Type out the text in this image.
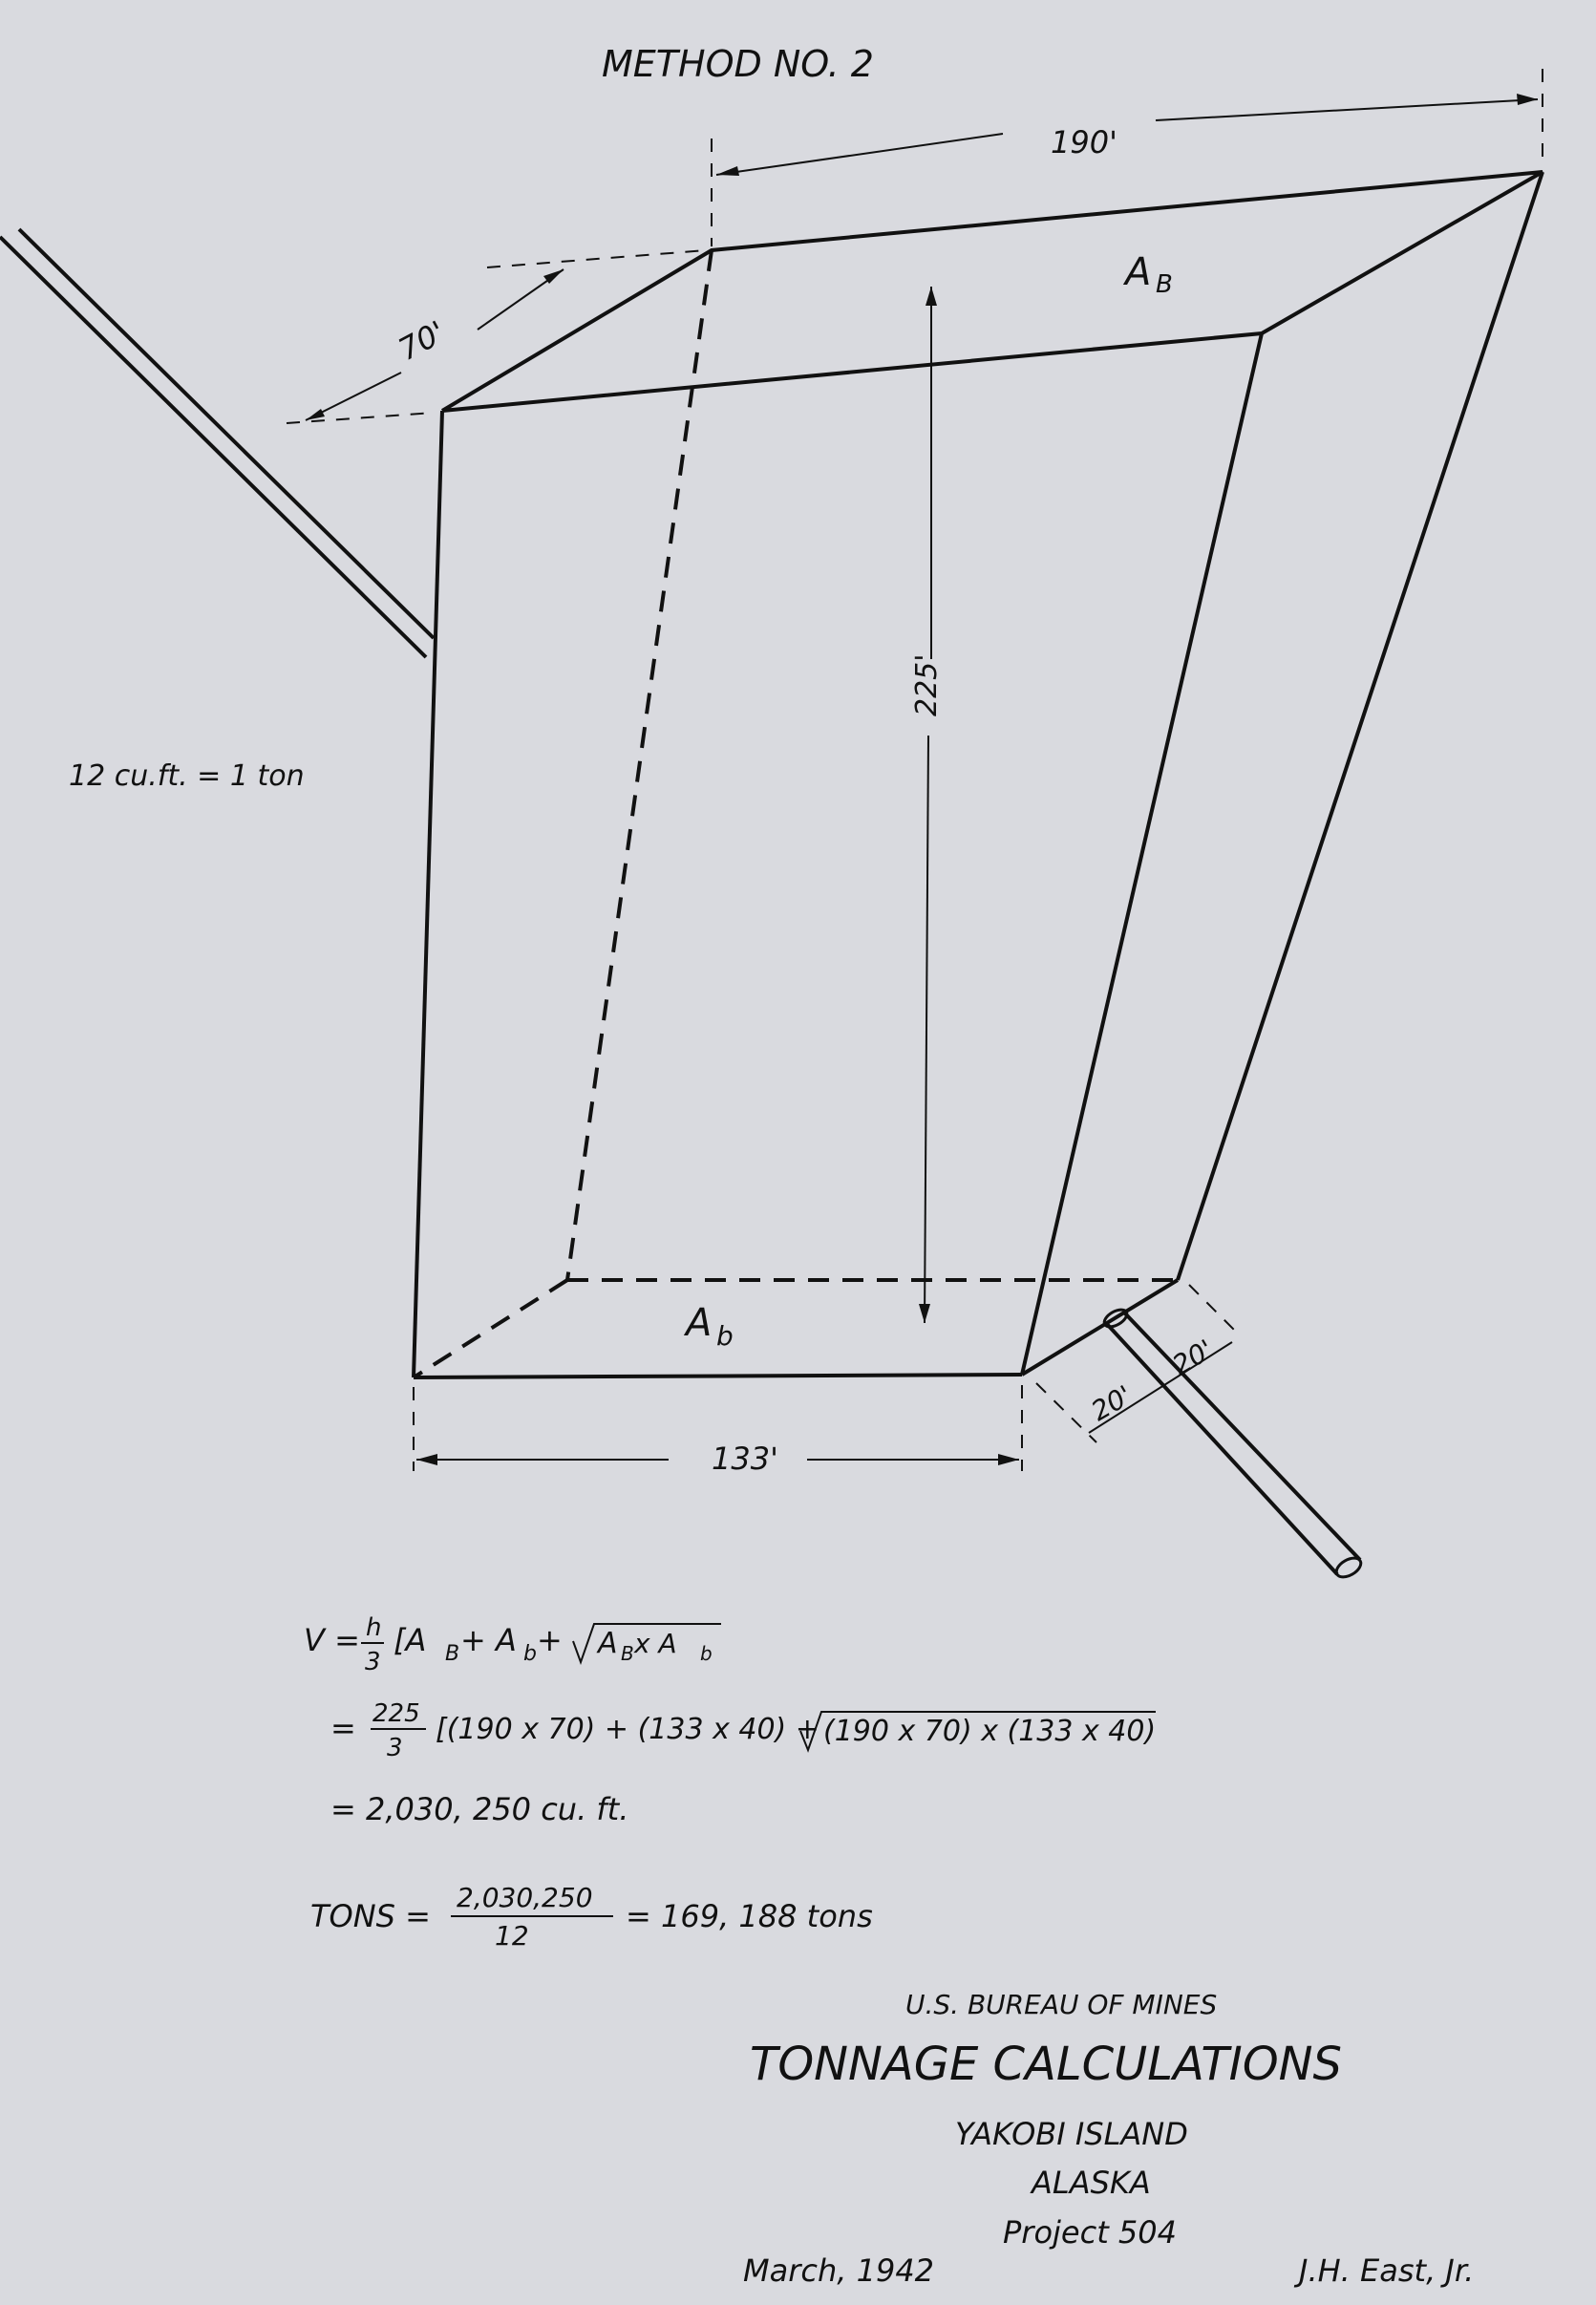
METHOD NO. 2
190'
70'
225'
A B
A b
133'
20'
20'
12 cu.ft. = 1 ton
V = h
3
[A B + A b + A B x A b
= 225
3
[(190 x 70) + (133 x 40) + (190 x 70) x (133 x 40)
= 2,030, 250 cu. ft.
TONS =
2,030,250
12
= 169, 188 tons
U.S. BUREAU OF MINES
TONNAGE CALCULATIONS
YAKOBI ISLAND
ALASKA
Project 504
March, 1942	J.H. East, Jr.
